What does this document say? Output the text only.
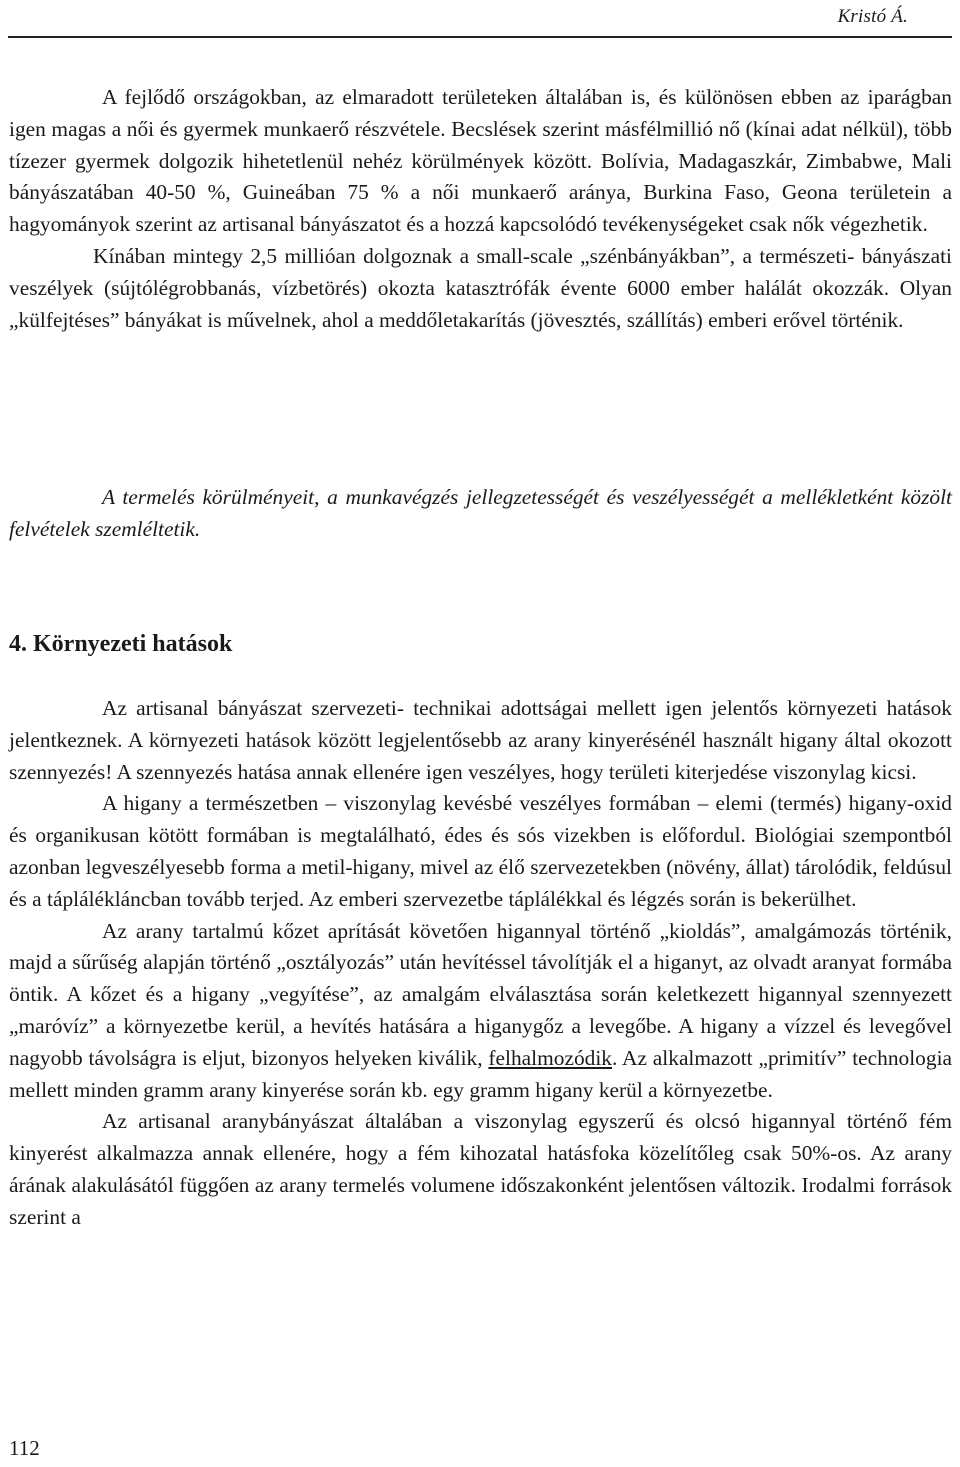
Kristó Á.

A fejlődő országokban, az elmaradott területeken általában is, és különösen ebben az iparágban igen magas a női és gyermek munkaerő részvétele. Becslések szerint másfélmillió nő (kínai adat nélkül), több tízezer gyermek dolgozik hihetetlenül nehéz körülmények között. Bolívia, Madagaszkár, Zimbabwe, Mali bányászatában 40-50 %, Guineában 75 % a női munkaerő aránya, Burkina Faso, Geona területein a hagyományok szerint az artisanal bányászatot és a hozzá kapcsolódó tevékenységeket csak nők végezhetik.

Kínában mintegy 2,5 millióan dolgoznak a small-scale „szénbányákban”, a természeti- bányászati veszélyek (sújtólégrobbanás, vízbetörés) okozta katasztrófák évente 6000 ember halálát okozzák. Olyan „külfejtéses” bányákat is művelnek, ahol a meddőletakarítás (jövesztés, szállítás) emberi erővel történik.

A termelés körülményeit, a munkavégzés jellegzetességét és veszélyességét a mellékletként közölt felvételek szemléltetik.

4. Környezeti hatások

Az artisanal bányászat szervezeti- technikai adottságai mellett igen jelentős környezeti hatások jelentkeznek. A környezeti hatások között legjelentősebb az arany kinyerésénél használt higany által okozott szennyezés! A szennyezés hatása annak ellenére igen veszélyes, hogy területi kiterjedése viszonylag kicsi.

A higany a természetben – viszonylag kevésbé veszélyes formában – elemi (termés) higany-oxid és organikusan kötött formában is megtalálható, édes és sós vizekben is előfordul. Biológiai szempontból azonban legveszélyesebb forma a metil-higany, mivel az élő szervezetekben (növény, állat) tárolódik, feldúsul és a táplálékláncban tovább terjed. Az emberi szervezetbe táplálékkal és légzés során is bekerülhet.

Az arany tartalmú kőzet aprítását követően higannyal történő „kioldás”, amalgámozás történik, majd a sűrűség alapján történő „osztályozás” után hevítéssel távolítják el a higanyt, az olvadt aranyat formába öntik. A kőzet és a higany „vegyítése”, az amalgám elválasztása során keletkezett higannyal szennyezett „maróvíz” a környezetbe kerül, a hevítés hatására a higanygőz a levegőbe. A higany a vízzel és levegővel nagyobb távolságra is eljut, bizonyos helyeken kiválik, felhalmozódik. Az alkalmazott „primitív” technologia mellett minden gramm arany kinyerése során kb. egy gramm higany kerül a környezetbe.

Az artisanal aranybányászat általában a viszonylag egyszerű és olcsó higannyal történő fém kinyerést alkalmazza annak ellenére, hogy a fém kihozatal hatásfoka közelítőleg csak 50%-os. Az arany árának alakulásától függően az arany termelés volumene időszakonként jelentősen változik. Irodalmi források szerint a

112
